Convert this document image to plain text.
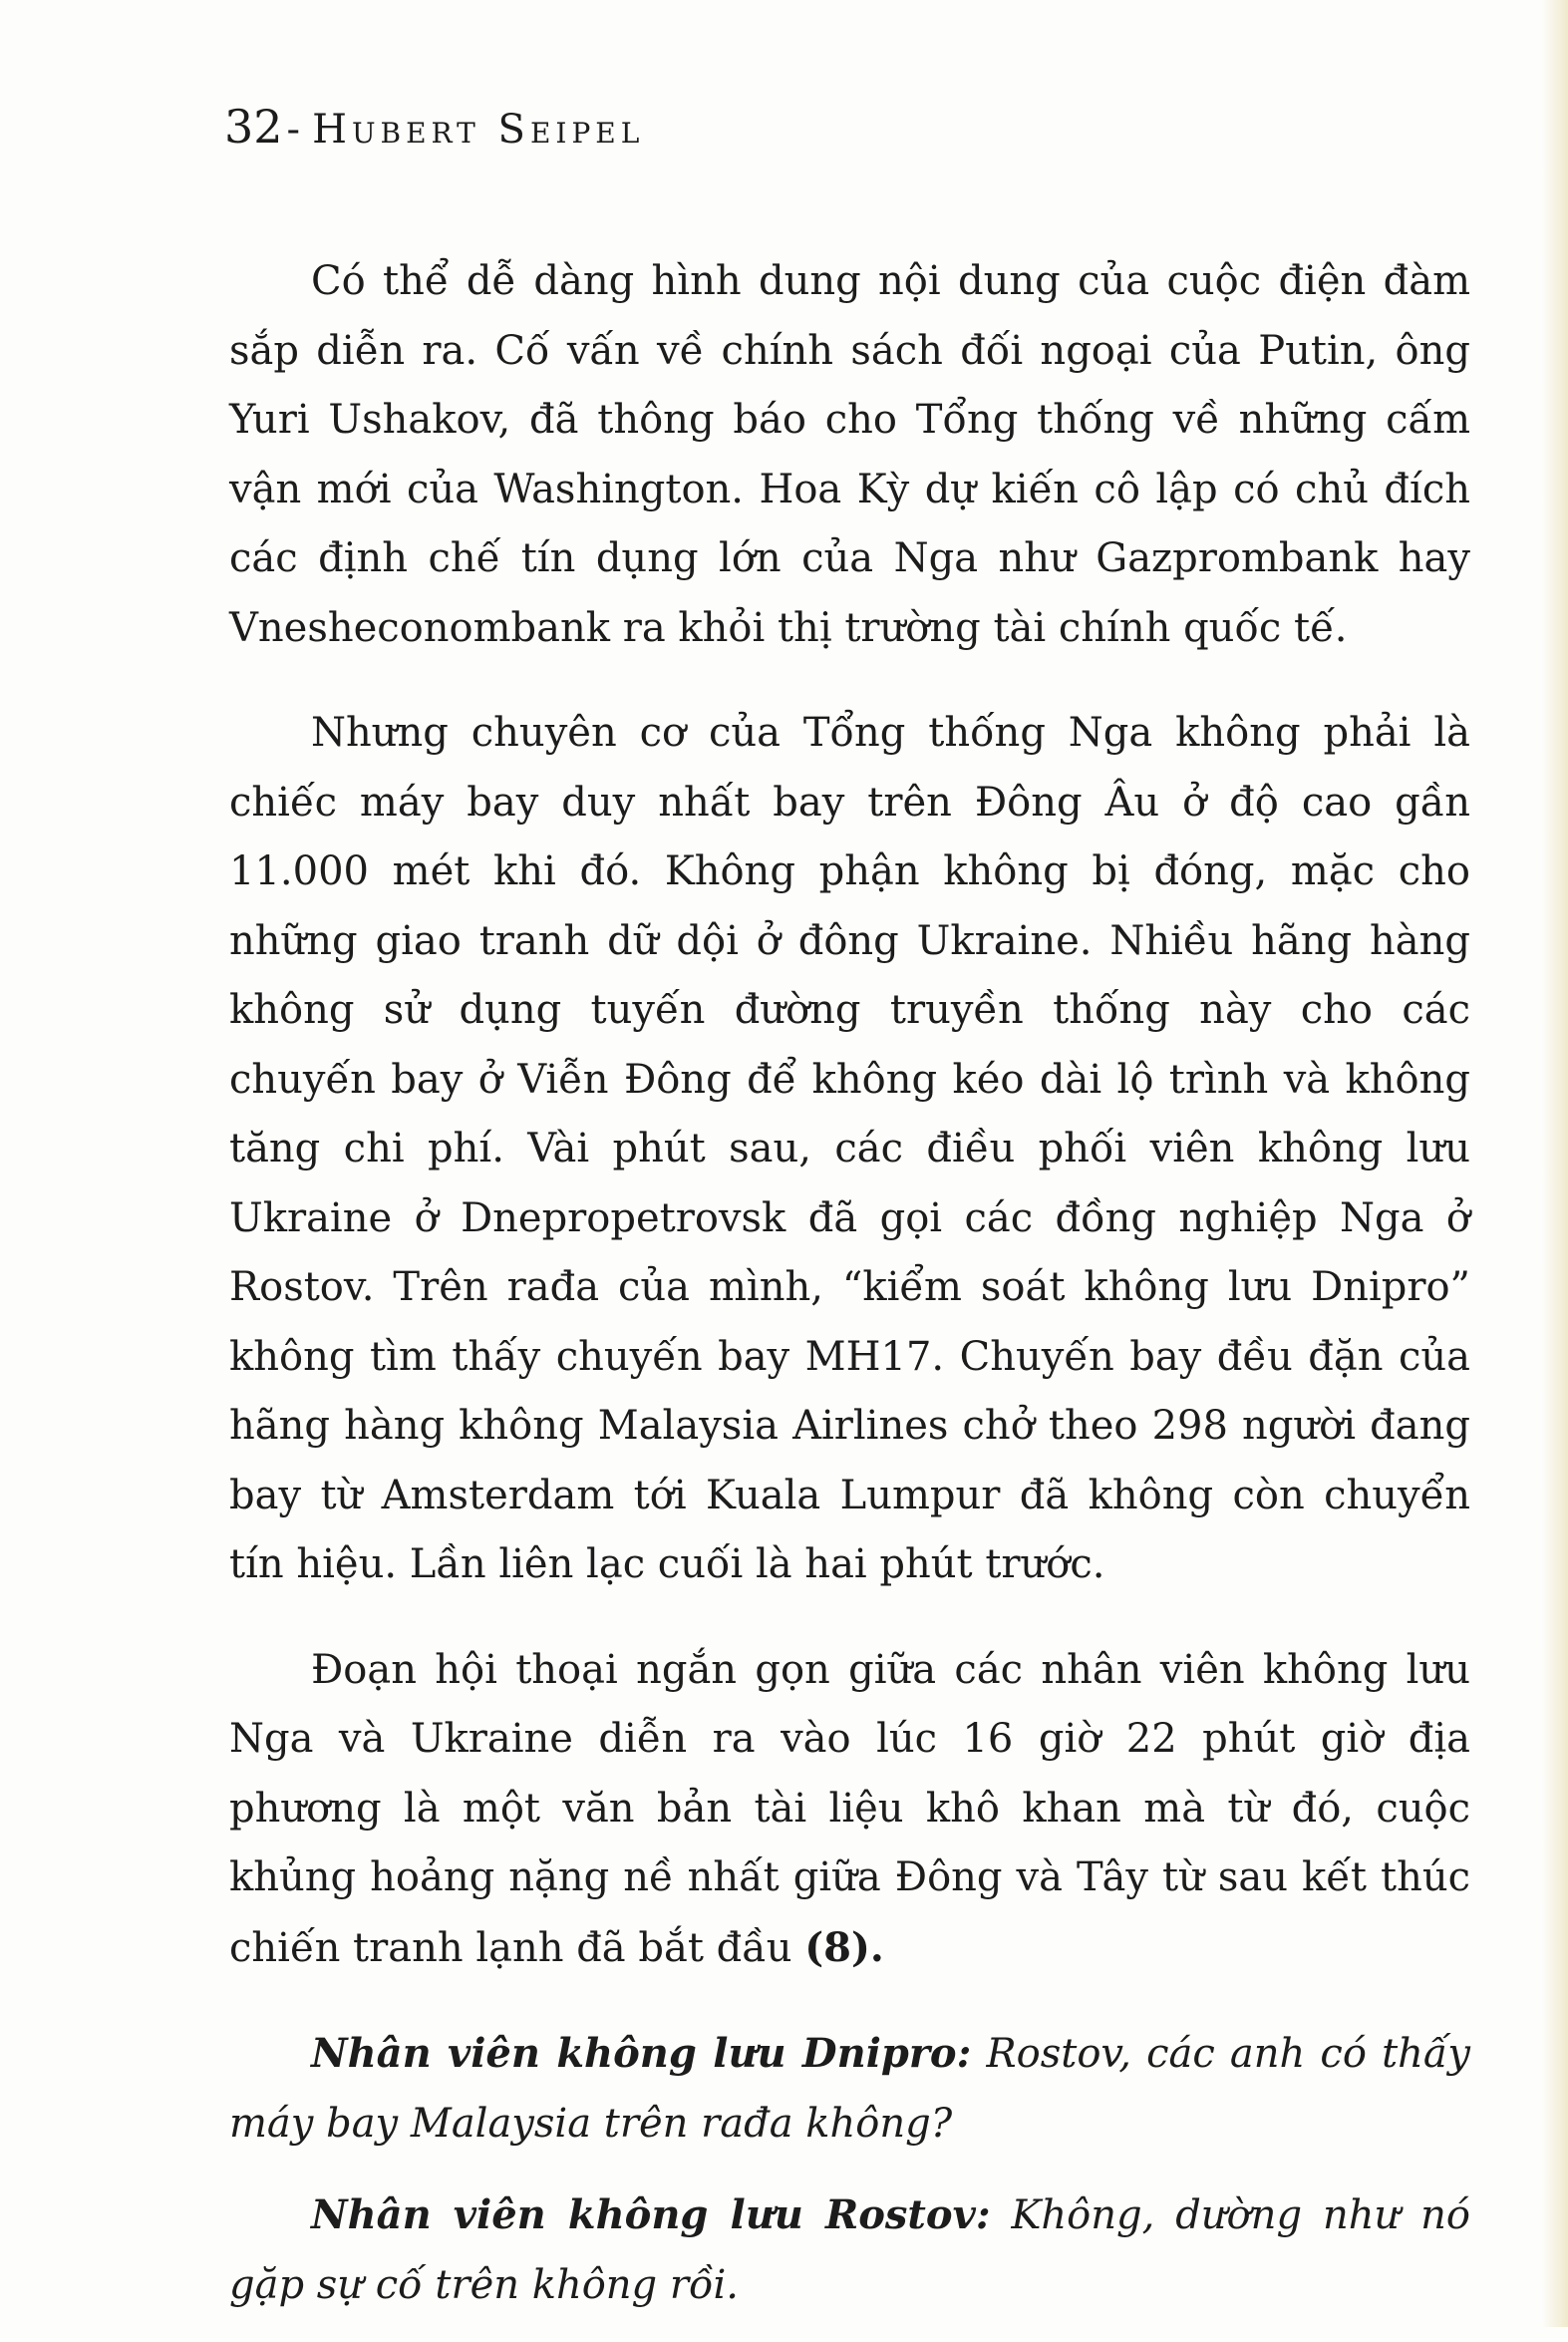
32 - Hubert Seipel

Có thể dễ dàng hình dung nội dung của cuộc điện đàm sắp diễn ra. Cố vấn về chính sách đối ngoại của Putin, ông Yuri Ushakov, đã thông báo cho Tổng thống về những cấm vận mới của Washington. Hoa Kỳ dự kiến cô lập có chủ đích các định chế tín dụng lớn của Nga như Gazprombank hay Vnesheconombank ra khỏi thị trường tài chính quốc tế.

Nhưng chuyên cơ của Tổng thống Nga không phải là chiếc máy bay duy nhất bay trên Đông Âu ở độ cao gần 11.000 mét khi đó. Không phận không bị đóng, mặc cho những giao tranh dữ dội ở đông Ukraine. Nhiều hãng hàng không sử dụng tuyến đường truyền thống này cho các chuyến bay ở Viễn Đông để không kéo dài lộ trình và không tăng chi phí. Vài phút sau, các điều phối viên không lưu Ukraine ở Dnepropetrovsk đã gọi các đồng nghiệp Nga ở Rostov. Trên rađa của mình, “kiểm soát không lưu Dnipro” không tìm thấy chuyến bay MH17. Chuyến bay đều đặn của hãng hàng không Malaysia Airlines chở theo 298 người đang bay từ Amsterdam tới Kuala Lumpur đã không còn chuyển tín hiệu. Lần liên lạc cuối là hai phút trước.

Đoạn hội thoại ngắn gọn giữa các nhân viên không lưu Nga và Ukraine diễn ra vào lúc 16 giờ 22 phút giờ địa phương là một văn bản tài liệu khô khan mà từ đó, cuộc khủng hoảng nặng nề nhất giữa Đông và Tây từ sau kết thúc chiến tranh lạnh đã bắt đầu (8).

Nhân viên không lưu Dnipro: Rostov, các anh có thấy máy bay Malaysia trên rađa không?

Nhân viên không lưu Rostov: Không, dường như nó gặp sự cố trên không rồi.
